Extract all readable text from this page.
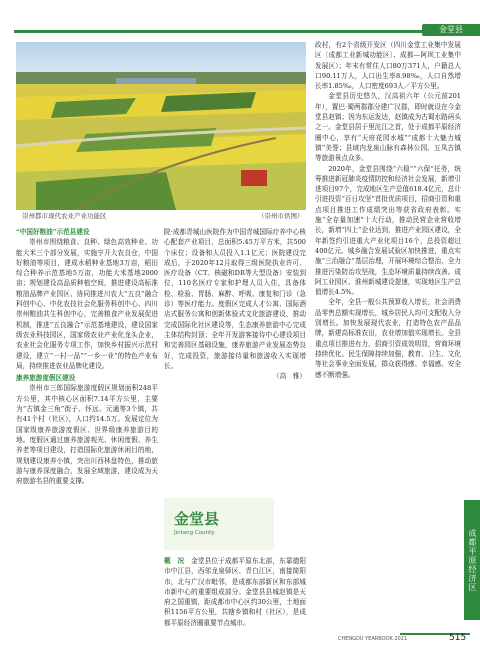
金堂县
崇州都市现代农业产业功能区	（崇州市供图）

政村，有2个省级开发区（四川金堂工业集中发展区〔成都工业新城功能区〕、成都—阿坝工业集中发展区）；年末有常住人口80万371人，户籍总人口90.11万人，人口出生率8.98‰，人口自然增长率1.85‰，人口密度693人／平方公里。

金堂县历史悠久，汉高祖六年（公元前201年），置巴·蜀两郡郡分建广汉郡，即时就设在今金堂县赵镇；因为东运发达，赵镇成为古蜀水路码头之一。金堂县居于里沱江之首，处于成都平原经济圈中心，享有“天府花园水城”“成都十大魅力城镇”美誉；县域内龙泉山脉有森林公园、五凤古镇等旅游景点众多。

2020年，金堂县围绕“六稳”“六保”任务，统筹推进新冠肺炎疫情防控和经济社会发展，新增引进项目97个，完成地区生产总值618.4亿元，总计引进投资“百日攻坚”首批优质项目，招商引资和重点项目推进工作成绩突出等获省政府表彰。实施“全存量加速”十大行动，推动民营企业营收增长，新增“四上”企业达到，推进产业园区建设，全年新签约引进重大产业化项目16个，总投资超过400亿元。城乡融合发展试验区加快推进，重点实施“三治融合”基层治理，开展环境综合整治，全力推进污染防治攻坚战，生态环境质量持续改善。成阿工业园区、淮州新城建设提速，实现地区生产总值增长4.5%。

全年，全县一般公共预算收入增长，社会消费品零售总额实现增长，城乡居民人均可支配收入分别增长。加快发展现代农业，打造特色农产品品牌，新建高标准农田，农业增加值实现增长。全县重点项目推进有力，招商引资成效明显，营商环境持续优化。民生保障持续加强，教育、卫生、文化等社会事业全面发展，群众获得感、幸福感、安全感不断增强。

“中国好粮油”示范县建设

崇州市围绕粮食、良种、绿色高效种业、功能大米三个部分发展，实施亨开大农良仓，中国好粮油等项目，建成水稻种业基地3万亩，稻田综合种养示范基地5万亩，功能大米基地2000亩；规划建设高品质种植空间，推进建设高标准粮油品牌产业园区、协同推进川农大“五良”融合科创中心、中化农技社会化服务科创中心、四川崇州粮油共生科创中心，完善粮食产业发展促进机制，推进“五良融合”示范基地建设，建设国家级农业科技园区，国家级农业产业化龙头企业，农业社会化服务专项工作，加快乡村振兴示范村建设，建立“一村一品”“一乡一业”的特色产业布局，持续推进农业品牌化建设。

康养旅游度假区建设

崇州市三郎国际旅游度假区规划面积248平方公里，其中核心区面积7.14平方公里，主要为“古镇金三角”街子、怀远、元通等3个镇，共有41个村（社区），人口约14.5万。发展定位为国家级康养旅游度假区、世界级康养旅游目的地。度假区通过康养旅游观光、休闲度假、养生养老等项目建设，打造国际化旅游休闲目的地，规划建设康养小镇，突出川西林盘特色，推动旅游与康养深度融合，发展全域旅游，建设成为天府旅游名县的重要支撑。

院·成都青城山医院作为中国青城国际疗养中心核心配套产业项目，总面积5.45万平方米，共500个床位；设备和人员投入1.1亿元；医院建设完成后，于2020年12月取得三级医院执业许可、医疗设备（CT、核磁和DR等大型设备）安装到位，110名医疗专家和护理人员入住，具备体检、检验、胃肠、麻醉、呼吸、康复和门诊（急诊）等医疗能力。度假区完成人才公寓、国际酒店式服务公寓和创新体验式文化旅游建设，推动完成国际化社区建设等，生态康养旅游中心完成主体结构封顶；全年开发游客接待中心建设项目和完善园区基础设施，康养旅游产业发展态势良好，完成投资，旅游接待量和旅游收入实现增长。

（高　雅）

金堂县
Jintang County

概　况　 金堂县位于成都平原东北部，东靠德阳市中江县，西邻龙泉驿区、青白江区，南接简阳市，北与广汉市毗邻，是成都东部新区和东部城市新中心的重要组成部分。金堂县县城赵镇是天府之国重镇，距成都市中心区约30公里，土地面积1156平方公里，共辖乡镇和村（社区），是成都平原经济圈重要节点城市。

成都平原经济区
CHENGDU YEARBOOK 2021	515
